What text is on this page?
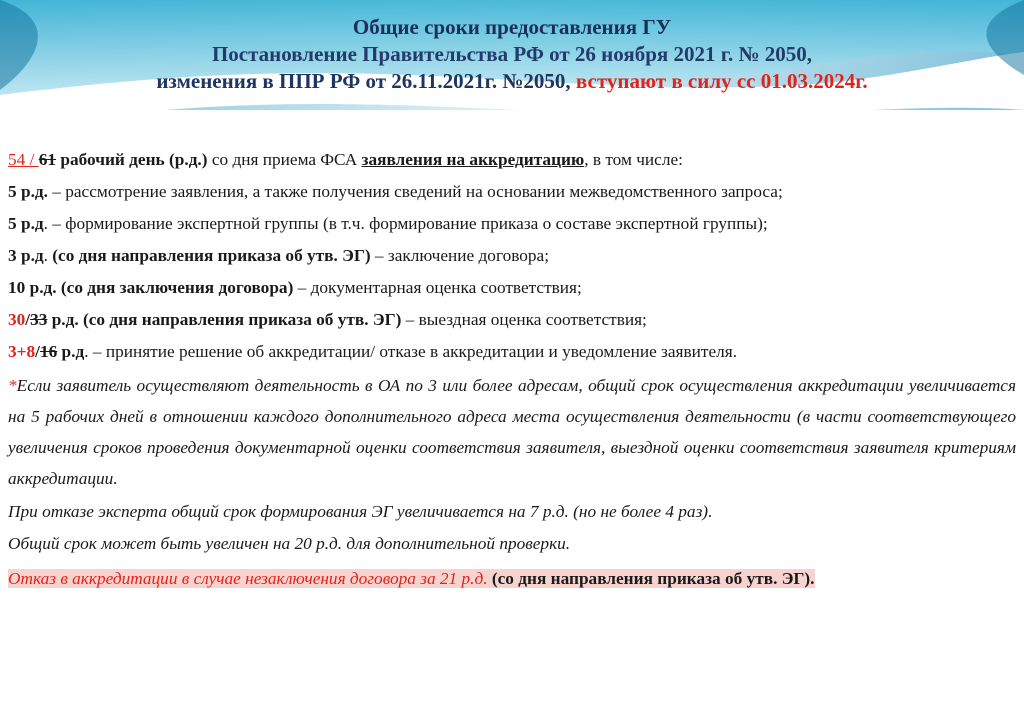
Общие сроки предоставления ГУ
Постановление Правительства РФ от 26 ноября 2021 г. № 2050,
изменения в ППР РФ от 26.11.2021г. №2050, вступают в силу сс 01.03.2024г.

54 / 61 рабочий день (р.д.) со дня приема ФСА заявления на аккредитацию, в том числе:

5 р.д. – рассмотрение заявления, а также получения сведений на основании межведомственного запроса;

5 р.д. – формирование экспертной группы (в т.ч. формирование приказа о составе экспертной группы);

3 р.д. (со дня направления приказа об утв. ЭГ) – заключение договора;

10 р.д. (со дня заключения договора) – документарная оценка соответствия;

30/33 р.д. (со дня направления приказа об утв. ЭГ) – выездная оценка соответствия;

3+8/16 р.д. – принятие решение об аккредитации/ отказе в аккредитации и уведомление заявителя.

*Если заявитель осуществляют деятельность в ОА по 3 или более адресам, общий срок осуществления аккредитации увеличивается на 5 рабочих дней в отношении каждого дополнительного адреса места осуществления деятельности (в части соответствующего увеличения сроков проведения документарной оценки соответствия заявителя, выездной оценки соответствия заявителя критериям аккредитации.

При отказе эксперта общий срок формирования ЭГ увеличивается на 7 р.д. (но не более 4 раз).

Общий срок может быть увеличен на 20 р.д. для дополнительной проверки.

Отказ в аккредитации в случае незаключения договора за 21 р.д. (со дня направления приказа об утв. ЭГ).
